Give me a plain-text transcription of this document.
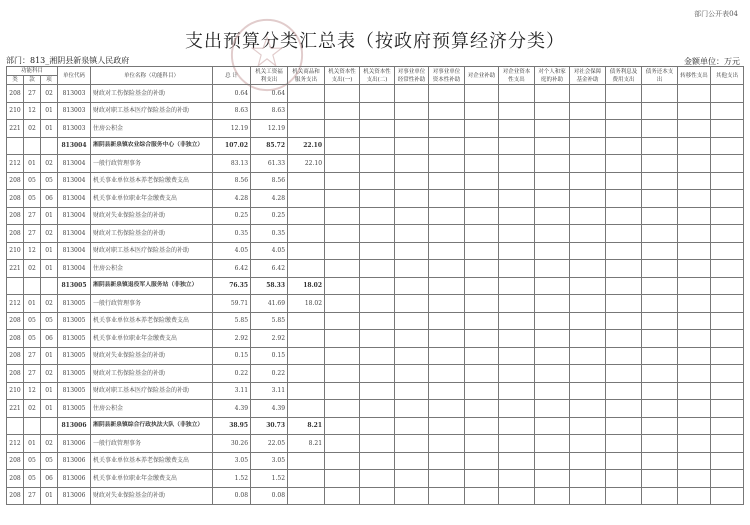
部门公开表04
支出预算分类汇总表（按政府预算经济分类）
部门：813_湘阴县新泉镇人民政府	金额单位：万元
功能科目			单位代码	单位名称（功能科目）	总 计	机关工资福利支出	机关商品和服务支出	机关资本性支出(一)	机关资本性支出(二)	对事业单位经常性补助	对事业单位资本性补助	对企业补助	对企业资本性支出	对个人和家庭的补助	对社会保障基金补助	债务利息及费用支出	债务还本支出	转移性支出	其他支出
类	款	项																	
208	27	02	813003	财政对工伤保险基金的补助	0.64	0.64													
210	12	01	813003	财政对职工基本医疗保险基金的补助	8.63	8.63													
221	02	01	813003	住房公积金	12.19	12.19													
			813004	湘阴县新泉镇农业综合服务中心（非独立）	107.02	85.72	22.10												
212	01	02	813004	一般行政管理事务	83.13	61.33	22.10												
208	05	05	813004	机关事业单位基本养老保险缴费支出	8.56	8.56													
208	05	06	813004	机关事业单位职业年金缴费支出	4.28	4.28													
208	27	01	813004	财政对失业保险基金的补助	0.25	0.25													
208	27	02	813004	财政对工伤保险基金的补助	0.35	0.35													
210	12	01	813004	财政对职工基本医疗保险基金的补助	4.05	4.05													
221	02	01	813004	住房公积金	6.42	6.42													
			813005	湘阴县新泉镇退役军人服务站（非独立）	76.35	58.33	18.02												
212	01	02	813005	一般行政管理事务	59.71	41.69	18.02												
208	05	05	813005	机关事业单位基本养老保险缴费支出	5.85	5.85													
208	05	06	813005	机关事业单位职业年金缴费支出	2.92	2.92													
208	27	01	813005	财政对失业保险基金的补助	0.15	0.15													
208	27	02	813005	财政对工伤保险基金的补助	0.22	0.22													
210	12	01	813005	财政对职工基本医疗保险基金的补助	3.11	3.11													
221	02	01	813005	住房公积金	4.39	4.39													
			813006	湘阴县新泉镇综合行政执法大队（非独立）	38.95	30.73	8.21												
212	01	02	813006	一般行政管理事务	30.26	22.05	8.21												
208	05	05	813006	机关事业单位基本养老保险缴费支出	3.05	3.05													
208	05	06	813006	机关事业单位职业年金缴费支出	1.52	1.52													
208	27	01	813006	财政对失业保险基金的补助	0.08	0.08													
